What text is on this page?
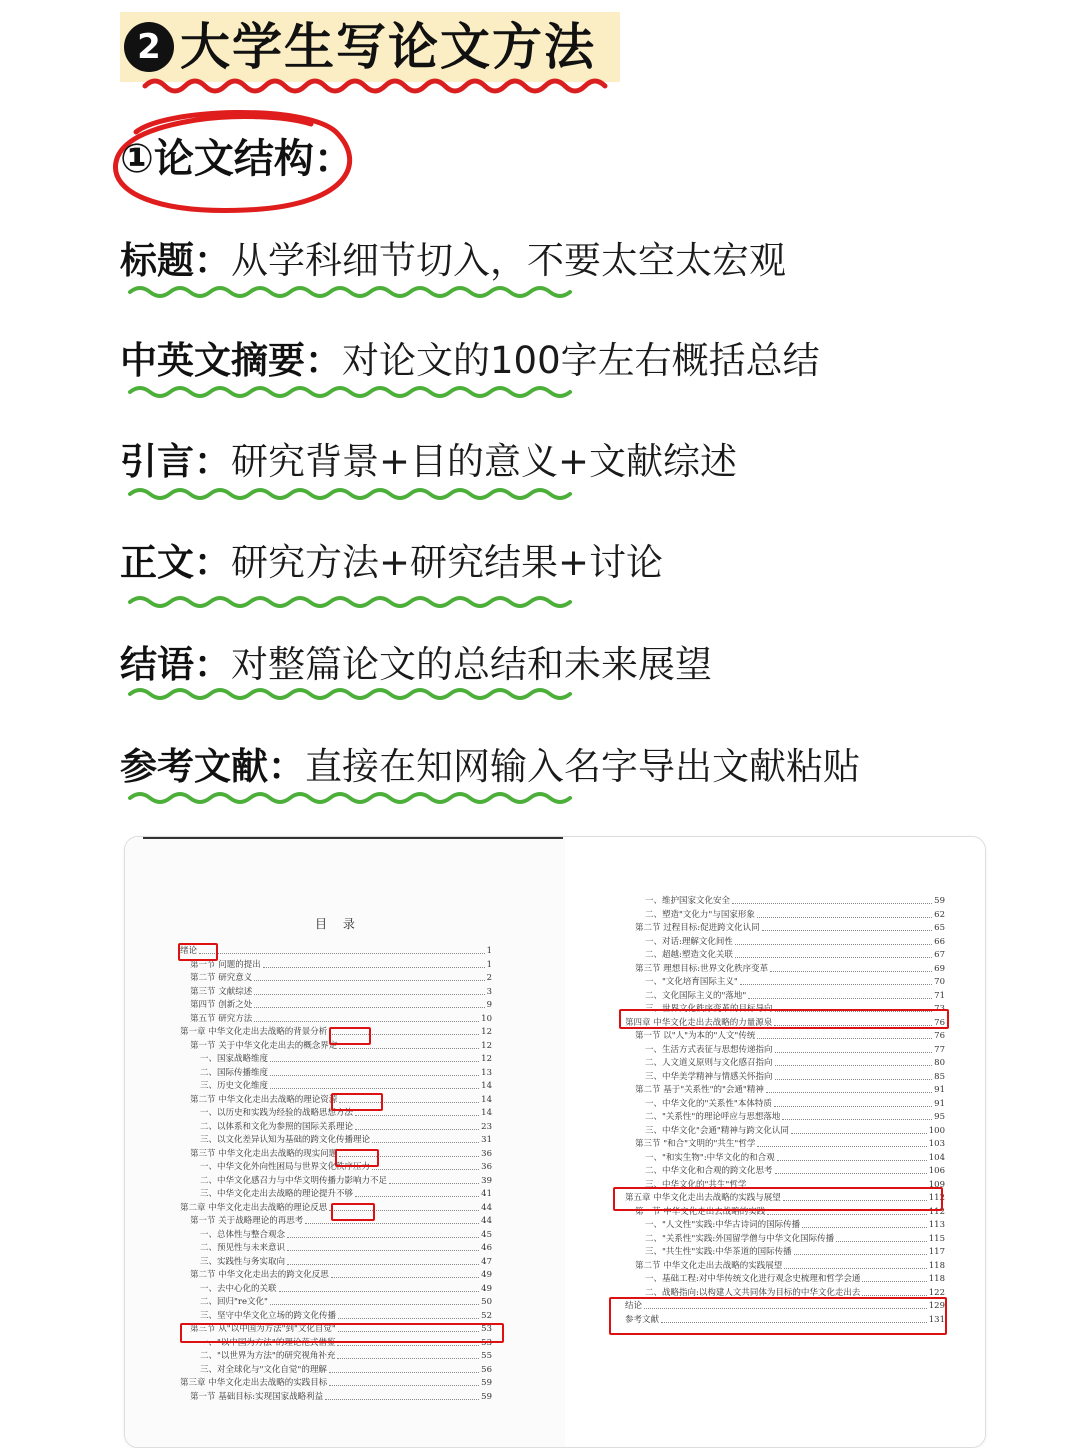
2 大学生写论文方法
①论文结构：
标题：从学科细节切入，不要太空太宏观
中英文摘要：对论文的100字左右概括总结
引言：研究背景+目的意义+文献综述
正文：研究方法+研究结果+讨论
结语：对整篇论文的总结和未来展望
参考文献：直接在知网输入名字导出文献粘贴
目 录
绪论	1
第一节 问题的提出	1
第二节 研究意义	2
第三节 文献综述	3
第四节 创新之处	9
第五节 研究方法	10
第一章 中华文化走出去战略的背景分析	12
第一节 关于中华文化走出去的概念界定	12
一、国家战略维度	12
二、国际传播维度	13
三、历史文化维度	14
第二节 中华文化走出去战略的理论资源	14
一、以历史和实践为经验的战略思想方法	14
二、以体系和文化为参照的国际关系理论	23
三、以文化差异认知为基础的跨文化传播理论	31
第三节 中华文化走出去战略的现实问题	36
一、中华文化外向性困局与世界文化秩序压力	36
二、中华文化感召力与中华文明传播力影响力不足	39
三、中华文化走出去战略的理论提升不够	41
第二章 中华文化走出去战略的理论反思	44
第一节 关于战略理论的再思考	44
一、总体性与整合观念	45
二、预见性与未来意识	46
三、实践性与务实取向	47
第二节 中华文化走出去的跨文化反思	49
一、去中心化的关联	49
二、回归"re文化"	50
三、坚守中华文化立场的跨文化传播	52
第三节 从"以中国为方法"到"文化自觉"	53
一、"以中国为方法"的理论范式借鉴	53
二、"以世界为方法"的研究视角补充	55
三、对全球化与"文化自觉"的理解	56
第三章 中华文化走出去战略的实践目标	59
第一节 基础目标:实现国家战略利益	59
一、维护国家文化安全	59
二、塑造"文化力"与国家形象	62
第二节 过程目标:促进跨文化认同	65
一、对话:理解文化间性	66
二、超越:塑造文化关联	67
第三节 理想目标:世界文化秩序变革	69
一、"文化培育国际主义"	70
二、文化国际主义的"落地"	71
三、世界文化秩序变革的目标导向	73
第四章 中华文化走出去战略的力量源泉	76
第一节 以"人"为本的"人文"传统	76
一、生活方式表征与思想传递指向	77
二、人文道义原则与文化感召指向	80
三、中华美学精神与情感关怀指向	85
第二节 基于"关系性"的"会通"精神	91
一、中华文化的"关系性"本体特质	91
二、"关系性"的理论呼应与思想落地	95
三、中华文化"会通"精神与跨文化认同	100
第三节 "和合"文明的"共生"哲学	103
一、"和实生物":中华文化的和合观	104
二、中华文化和合观的跨文化思考	106
三、中华文化的"共生"哲学	109
第五章 中华文化走出去战略的实践与展望	112
第一节 中华文化走出去战略的实践	112
一、"人文性"实践:中华古诗词的国际传播	113
二、"关系性"实践:外国留学僧与中华文化国际传播	115
三、"共生性"实践:中华茶道的国际传播	117
第二节 中华文化走出去战略的实践展望	118
一、基础工程:对中华传统文化进行观念史梳理和哲学会通	118
二、战略指向:以构建人文共同体为目标的中华文化走出去	122
结论	129
参考文献	131
